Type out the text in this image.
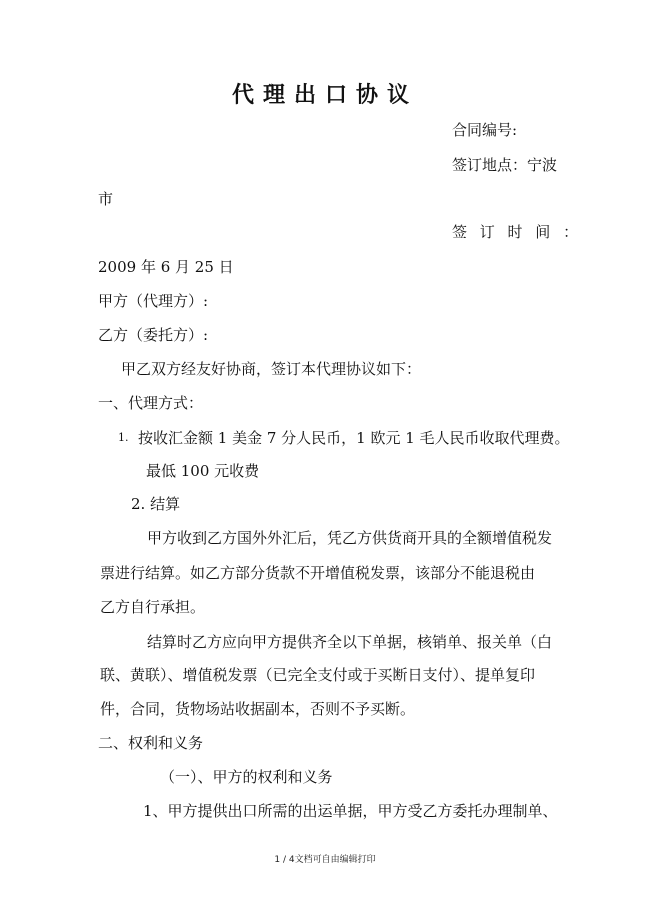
代理出口协议
合同编号:
签订地点：宁波
市
签 订 时 间 ：
2009 年 6 月 25 日
甲方（代理方）:
乙方（委托方）:
甲乙双方经友好协商，签订本代理协议如下：
一、代理方式：
1. 按收汇金额 1 美金 7 分人民币，1 欧元 1 毛人民币收取代理费。
最低 100 元收费
2. 结算
甲方收到乙方国外外汇后，凭乙方供货商开具的全额增值税发
票进行结算。如乙方部分货款不开增值税发票，该部分不能退税由
乙方自行承担。
结算时乙方应向甲方提供齐全以下单据，核销单、报关单（白
联、黄联）、增值税发票（已完全支付或于买断日支付）、提单复印
件，合同，货物场站收据副本，否则不予买断。
二、权利和义务
（一）、甲方的权利和义务
1、甲方提供出口所需的出运单据，甲方受乙方委托办理制单、
1 / 4文档可自由编辑打印
